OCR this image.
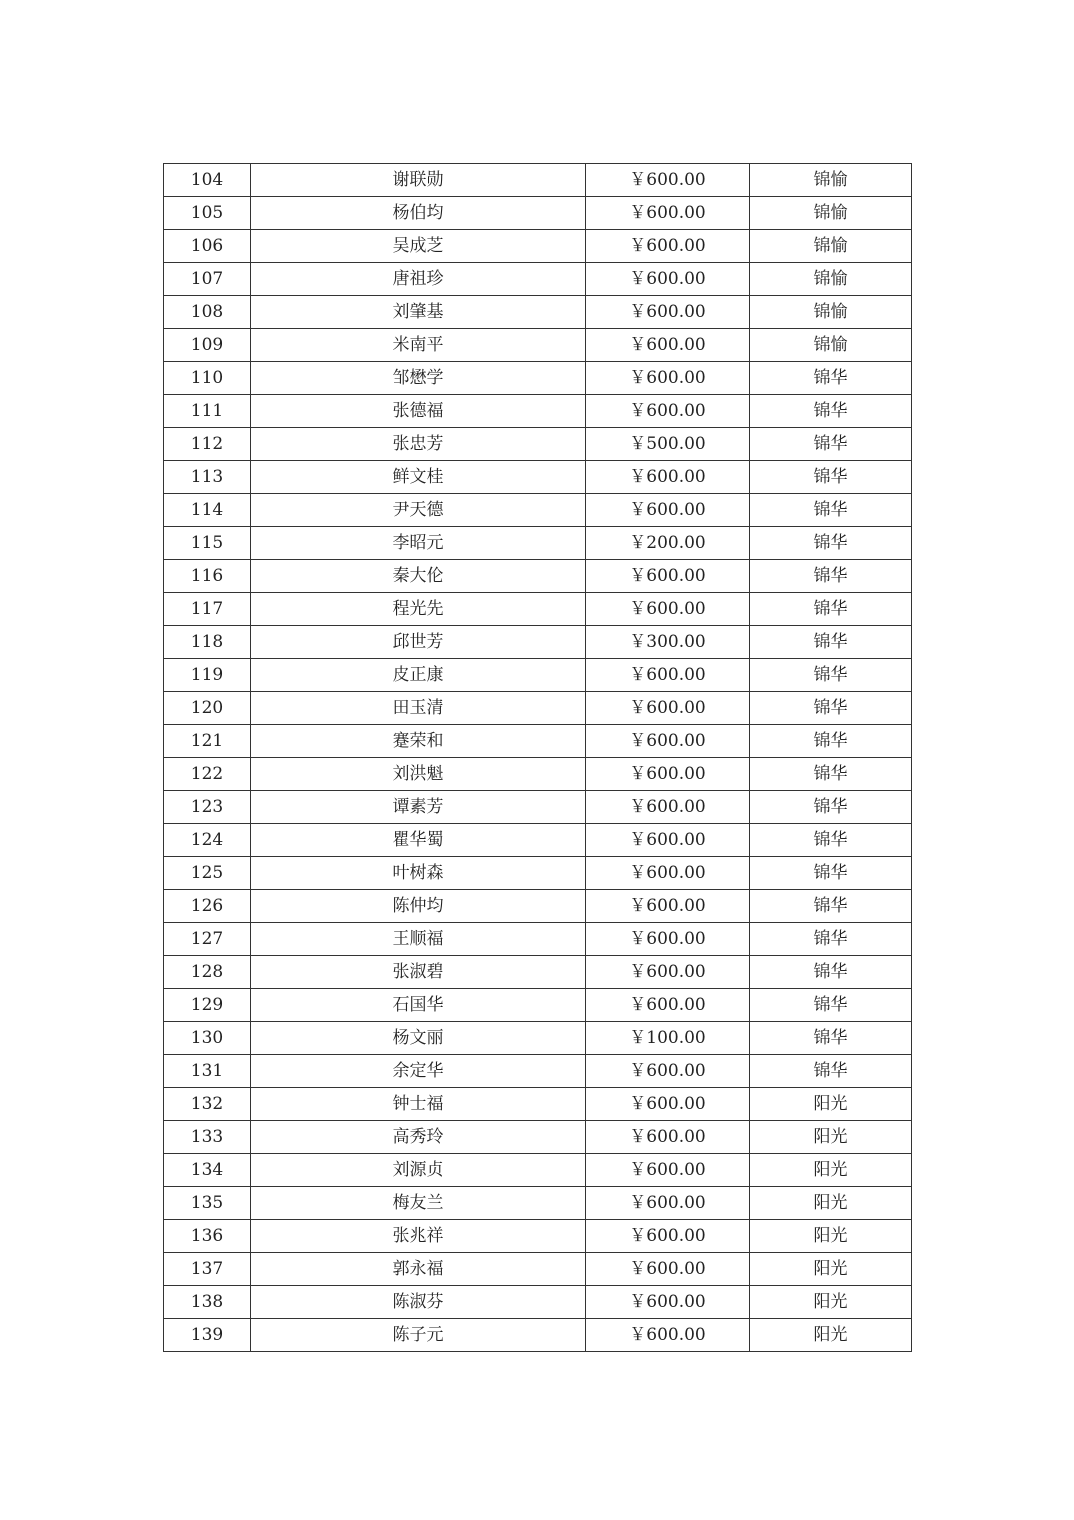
104	谢联勋	￥600.00	锦愉
105	杨伯均	￥600.00	锦愉
106	吴成芝	￥600.00	锦愉
107	唐祖珍	￥600.00	锦愉
108	刘肇基	￥600.00	锦愉
109	米南平	￥600.00	锦愉
110	邹懋学	￥600.00	锦华
111	张德福	￥600.00	锦华
112	张忠芳	￥500.00	锦华
113	鲜文桂	￥600.00	锦华
114	尹天德	￥600.00	锦华
115	李昭元	￥200.00	锦华
116	秦大伦	￥600.00	锦华
117	程光先	￥600.00	锦华
118	邱世芳	￥300.00	锦华
119	皮正康	￥600.00	锦华
120	田玉清	￥600.00	锦华
121	蹇荣和	￥600.00	锦华
122	刘洪魁	￥600.00	锦华
123	谭素芳	￥600.00	锦华
124	瞿华蜀	￥600.00	锦华
125	叶树森	￥600.00	锦华
126	陈仲均	￥600.00	锦华
127	王顺福	￥600.00	锦华
128	张淑碧	￥600.00	锦华
129	石国华	￥600.00	锦华
130	杨文丽	￥100.00	锦华
131	余定华	￥600.00	锦华
132	钟士福	￥600.00	阳光
133	高秀玲	￥600.00	阳光
134	刘源贞	￥600.00	阳光
135	梅友兰	￥600.00	阳光
136	张兆祥	￥600.00	阳光
137	郭永福	￥600.00	阳光
138	陈淑芬	￥600.00	阳光
139	陈子元	￥600.00	阳光
